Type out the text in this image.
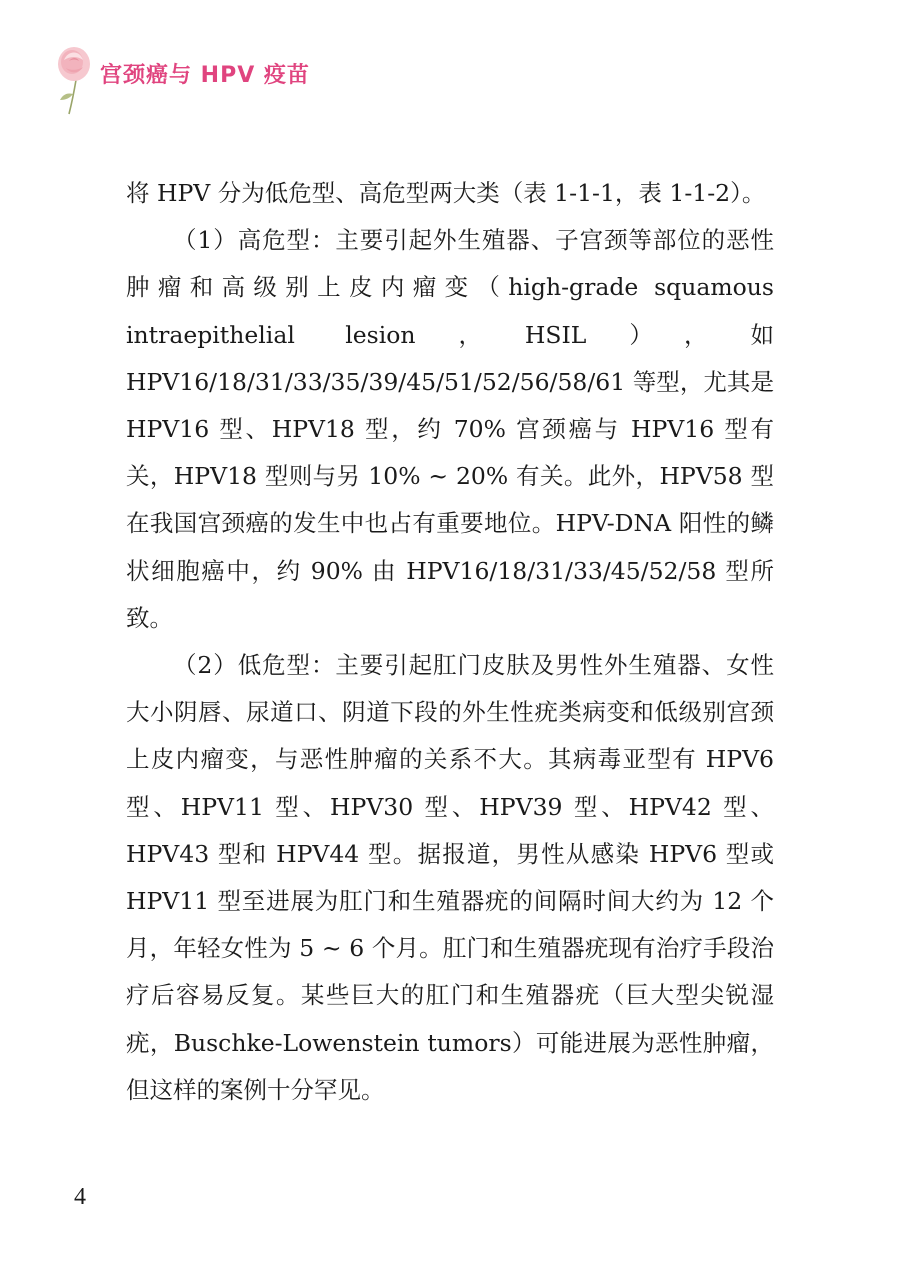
宫颈癌与 HPV 疫苗

将 HPV 分为低危型、高危型两大类（表 1-1-1，表 1-1-2）。

（1）高危型：主要引起外生殖器、子宫颈等部位的恶性肿瘤和高级别上皮内瘤变（high-grade squamous intraepithelial lesion，HSIL），如HPV16/18/31/33/35/39/45/51/52/56/58/61 等型，尤其是 HPV16 型、HPV18 型，约 70% 宫颈癌与 HPV16 型有关，HPV18 型则与另 10% ~ 20% 有关。此外，HPV58 型在我国宫颈癌的发生中也占有重要地位。HPV-DNA 阳性的鳞状细胞癌中，约 90% 由 HPV16/18/31/33/45/52/58 型所致。

（2）低危型：主要引起肛门皮肤及男性外生殖器、女性大小阴唇、尿道口、阴道下段的外生性疣类病变和低级别宫颈上皮内瘤变，与恶性肿瘤的关系不大。其病毒亚型有 HPV6 型、HPV11 型、HPV30 型、HPV39 型、HPV42 型、HPV43 型和 HPV44 型。据报道，男性从感染 HPV6 型或 HPV11 型至进展为肛门和生殖器疣的间隔时间大约为 12 个月，年轻女性为 5 ~ 6 个月。肛门和生殖器疣现有治疗手段治疗后容易反复。某些巨大的肛门和生殖器疣（巨大型尖锐湿疣，Buschke-Lowenstein tumors）可能进展为恶性肿瘤，但这样的案例十分罕见。

4
